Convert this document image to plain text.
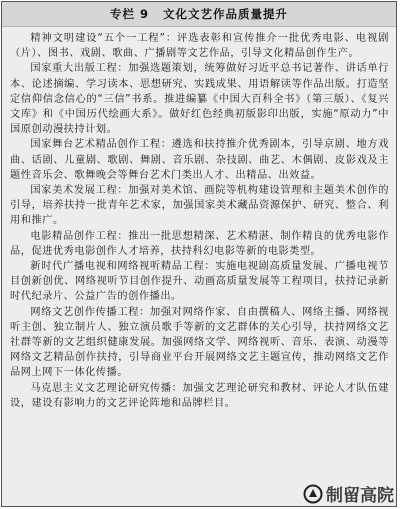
专栏 9 文化文艺作品质量提升

精神文明建设“五个一工程”：评选表彰和宣传推介一批优秀电影、电视剧（片）、图书、戏剧、歌曲、广播剧等文艺作品，引导文化精品创作生产。

国家重大出版工程：加强选题策划，统筹做好习近平总书记著作、讲话单行本、论述摘编、学习读本、思想研究、实践成果、用语解读等作品出版。打造坚定信仰信念信心的“三信”书系。推进编纂《中国大百科全书》（第三版）、《复兴文库》和《中国历代绘画大系》。做好红色经典初版影印出版，实施“原动力”中国原创动漫扶持计划。

国家舞台艺术精品创作工程：遴选和扶持推介优秀剧本，引导京剧、地方戏曲、话剧、儿童剧、歌剧、舞剧、音乐剧、杂技剧、曲艺、木偶剧、皮影戏及主题性音乐会、歌舞晚会等舞台艺术门类出人才、出精品、出效益。

国家美术发展工程：加强对美术馆、画院等机构建设管理和主题美术创作的引导，培养扶持一批青年艺术家，加强国家美术藏品资源保护、研究、整合、利用和推广。

电影精品创作工程：推出一批思想精深、艺术精湛、制作精良的优秀电影作品，促进优秀电影创作人才培养，扶持科幻电影等新的电影类型。

新时代广播电视和网络视听精品工程：实施电视剧高质量发展、广播电视节目创新创优、网络视听节目创作提升、动画高质量发展等工程项目，扶持记录新时代纪录片、公益广告的创作播出。

网络文艺创作传播工程：加强对网络作家、自由撰稿人、网络主播、网络视听主创、独立制片人、独立演员歌手等新的文艺群体的关心引导，扶持网络文艺社群等新的文艺组织健康发展。加强网络文学、网络视听、音乐、表演、动漫等网络文艺精品创作扶持，引导商业平台开展网络文艺主题宣传，推动网络文艺作品网上网下一体化传播。

马克思主义文艺理论研究传播：加强文艺理论研究和教材、评论人才队伍建设，建设有影响力的文艺评论阵地和品牌栏目。

制留高院
